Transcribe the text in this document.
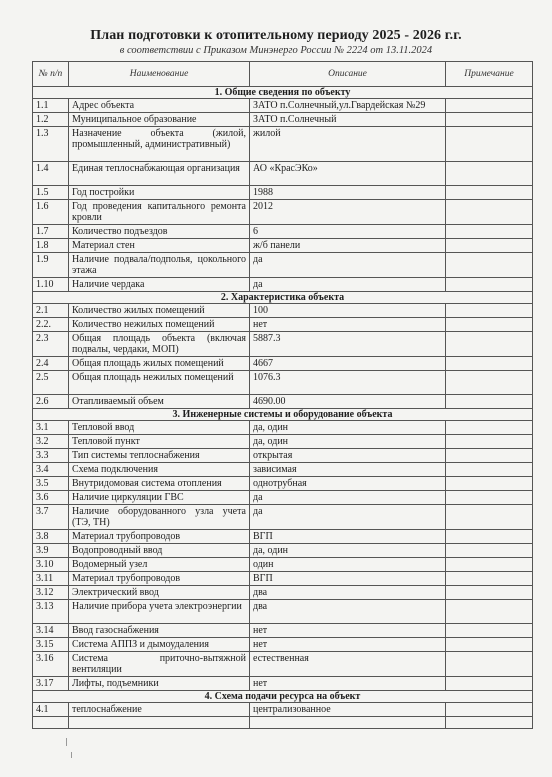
План подготовки к отопительному периоду 2025 - 2026 г.г.
в соответствии с Приказом Минэнерго России № 2224 от 13.11.2024
№ п/п	Наименование	Описание	Примечание
1. Общие сведения по объекту			
1.1	Адрес объекта	ЗАТО п.Солнечный,ул.Гвардейская №29	
1.2	Муниципальное образование	ЗАТО п.Солнечный	
1.3	Назначение объекта (жилой, промышленный, административный)	жилой	
1.4	Единая теплоснабжающая организация	АО «КрасЭКо»	
1.5	Год постройки	1988	
1.6	Год проведения капитального ремонта кровли	2012	
1.7	Количество подъездов	6	
1.8	Материал стен	ж/б панели	
1.9	Наличие подвала/подполья, цокольного этажа	да	
1.10	Наличие чердака	да	
2. Характеристика объекта			
2.1	Количество жилых помещений	100	
2.2.	Количество нежилых помещений	нет	
2.3	Общая площадь объекта (включая подвалы, чердаки, МОП)	5887.3	
2.4	Общая площадь жилых помещений	4667	
2.5	Общая площадь нежилых помещений	1076.3	
2.6	Отапливаемый объем	4690.00	
3. Инженерные системы и оборудование объекта			
3.1	Тепловой ввод	да, один	
3.2	Тепловой пункт	да, один	
3.3	Тип системы теплоснабжения	открытая	
3.4	Схема подключения	зависимая	
3.5	Внутридомовая система отопления	однотрубная	
3.6	Наличие циркуляции ГВС	да	
3.7	Наличие оборудованного узла учета (ТЭ, ТН)	да	
3.8	Материал трубопроводов	ВГП	
3.9	Водопроводный ввод	да, один	
3.10	Водомерный узел	один	
3.11	Материал трубопроводов	ВГП	
3.12	Электрический ввод	два	
3.13	Наличие прибора учета электроэнергии	два	
3.14	Ввод газоснабжения	нет	
3.15	Система АППЗ и дымоудаления	нет	
3.16	Система приточно-вытяжной вентиляции	естественная	
3.17	Лифты, подъемники	нет	
4. Схема подачи ресурса на объект			
4.1	теплоснабжение	централизованное	
